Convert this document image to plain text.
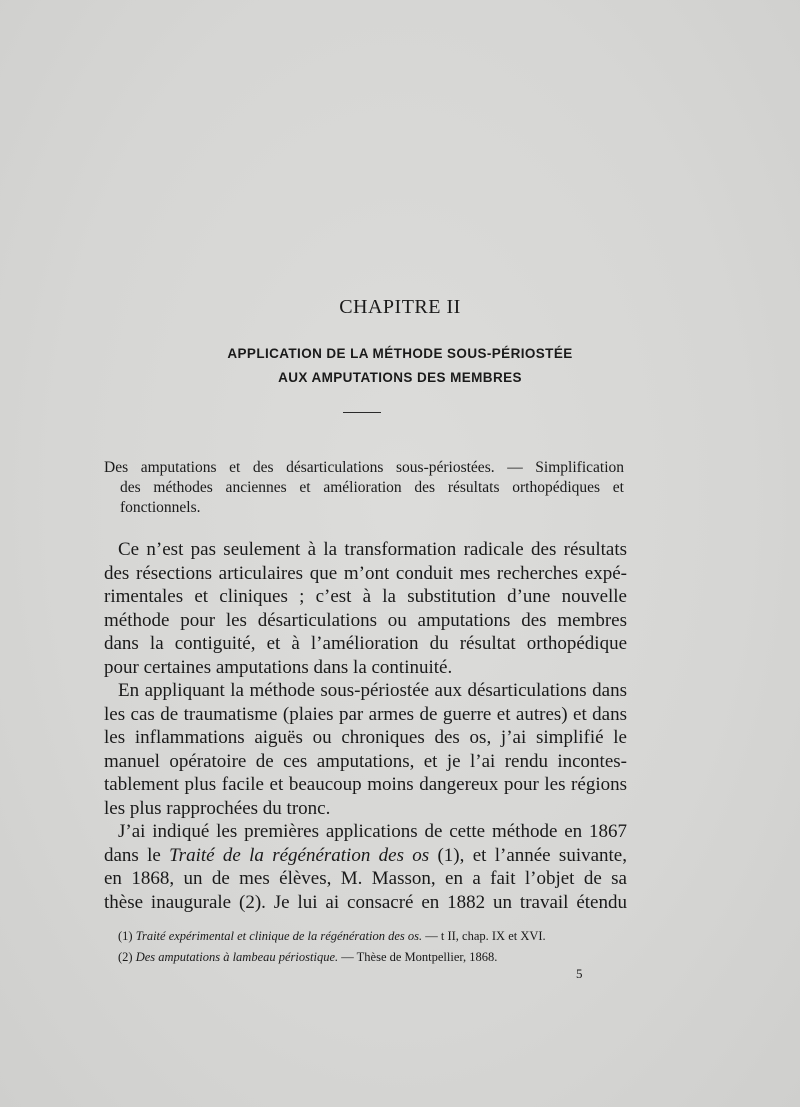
CHAPITRE II
APPLICATION DE LA MÉTHODE SOUS-PÉRIOSTÉE
AUX AMPUTATIONS DES MEMBRES
Des amputations et des désarticulations sous-périostées. — Simplification
des méthodes anciennes et amélioration des résultats orthopédiques et
fonctionnels.
Ce n’est pas seulement à la transformation radicale des résultats
des résections articulaires que m’ont conduit mes recherches expé-
rimentales et cliniques ; c’est à la substitution d’une nouvelle
méthode pour les désarticulations ou amputations des membres
dans la contiguité, et à l’amélioration du résultat orthopédique
pour certaines amputations dans la continuité.
En appliquant la méthode sous-périostée aux désarticulations dans
les cas de traumatisme (plaies par armes de guerre et autres) et dans
les inflammations aiguës ou chroniques des os, j’ai simplifié le
manuel opératoire de ces amputations, et je l’ai rendu incontes-
tablement plus facile et beaucoup moins dangereux pour les régions
les plus rapprochées du tronc.
J’ai indiqué les premières applications de cette méthode en 1867
dans le Traité de la régénération des os (1), et l’année suivante,
en 1868, un de mes élèves, M. Masson, en a fait l’objet de sa
thèse inaugurale (2). Je lui ai consacré en 1882 un travail étendu
(1) Traité expérimental et clinique de la régénération des os. — t II, chap. IX et XVI.
(2) Des amputations à lambeau périostique. — Thèse de Montpellier, 1868.
5
